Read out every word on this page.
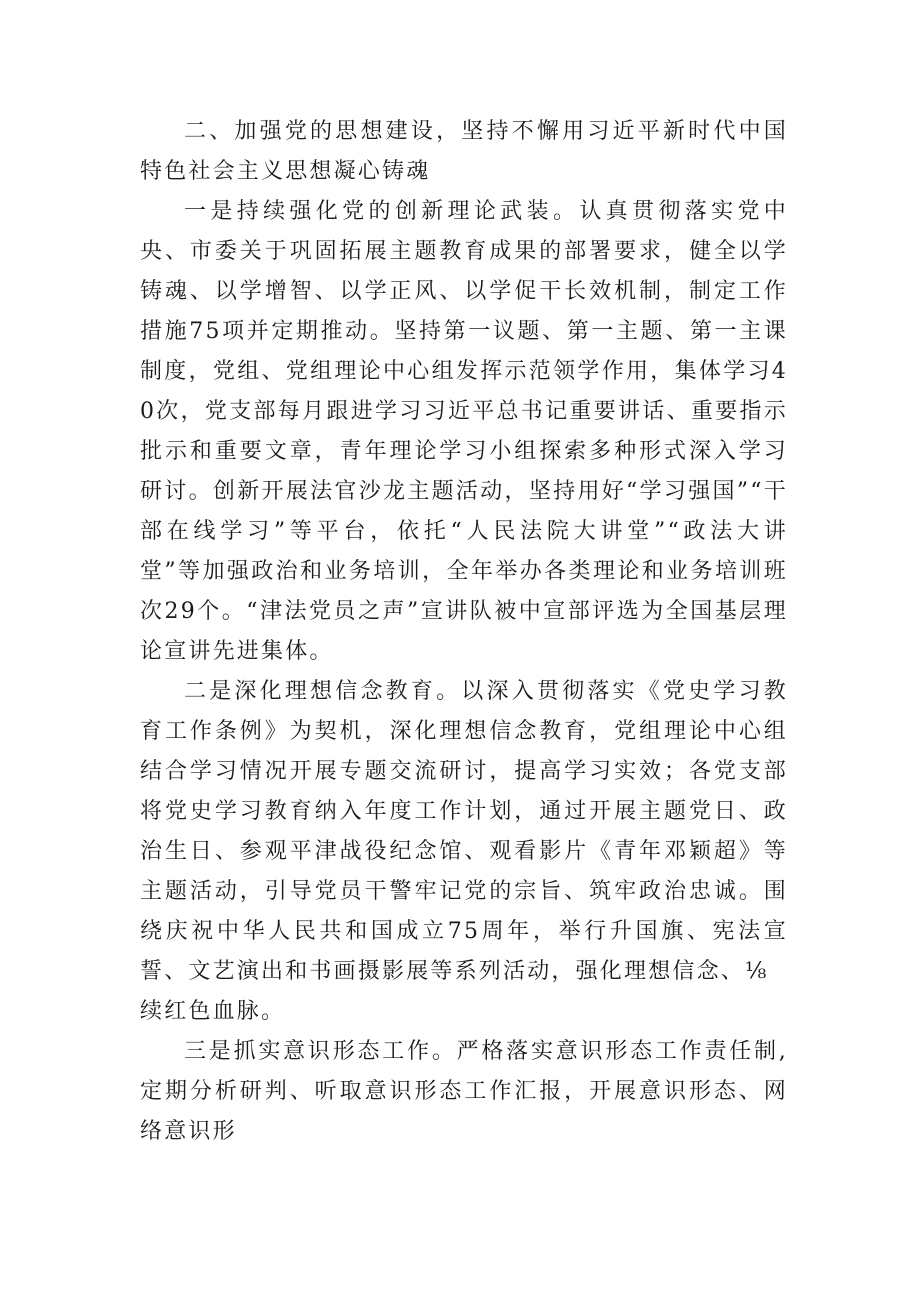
二、加强党的思想建设，坚持不懈用习近平新时代中国特色社会主义思想凝心铸魂

一是持续强化党的创新理论武装。认真贯彻落实党中央、市委关于巩固拓展主题教育成果的部署要求，健全以学铸魂、以学增智、以学正风、以学促干长效机制，制定工作措施75项并定期推动。坚持第一议题、第一主题、第一主课制度，党组、党组理论中心组发挥示范领学作用，集体学习40次，党支部每月跟进学习习近平总书记重要讲话、重要指示批示和重要文章，青年理论学习小组探索多种形式深入学习研讨。创新开展法官沙龙主题活动，坚持用好“学习强国”“干部在线学习”等平台，依托“人民法院大讲堂”“政法大讲堂”等加强政治和业务培训，全年举办各类理论和业务培训班次29个。“津法党员之声”宣讲队被中宣部评选为全国基层理论宣讲先进集体。

二是深化理想信念教育。以深入贯彻落实《党史学习教育工作条例》为契机，深化理想信念教育，党组理论中心组结合学习情况开展专题交流研讨，提高学习实效；各党支部将党史学习教育纳入年度工作计划，通过开展主题党日、政治生日、参观平津战役纪念馆、观看影片《青年邓颖超》等主题活动，引导党员干警牢记党的宗旨、筑牢政治忠诚。围绕庆祝中华人民共和国成立75周年，举行升国旗、宪法宣誓、文艺演出和书画摄影展等系列活动，强化理想信念、⅛

续红色血脉。

三是抓实意识形态工作。严格落实意识形态工作责任制,定期分析研判、听取意识形态工作汇报，开展意识形态、网络意识形
